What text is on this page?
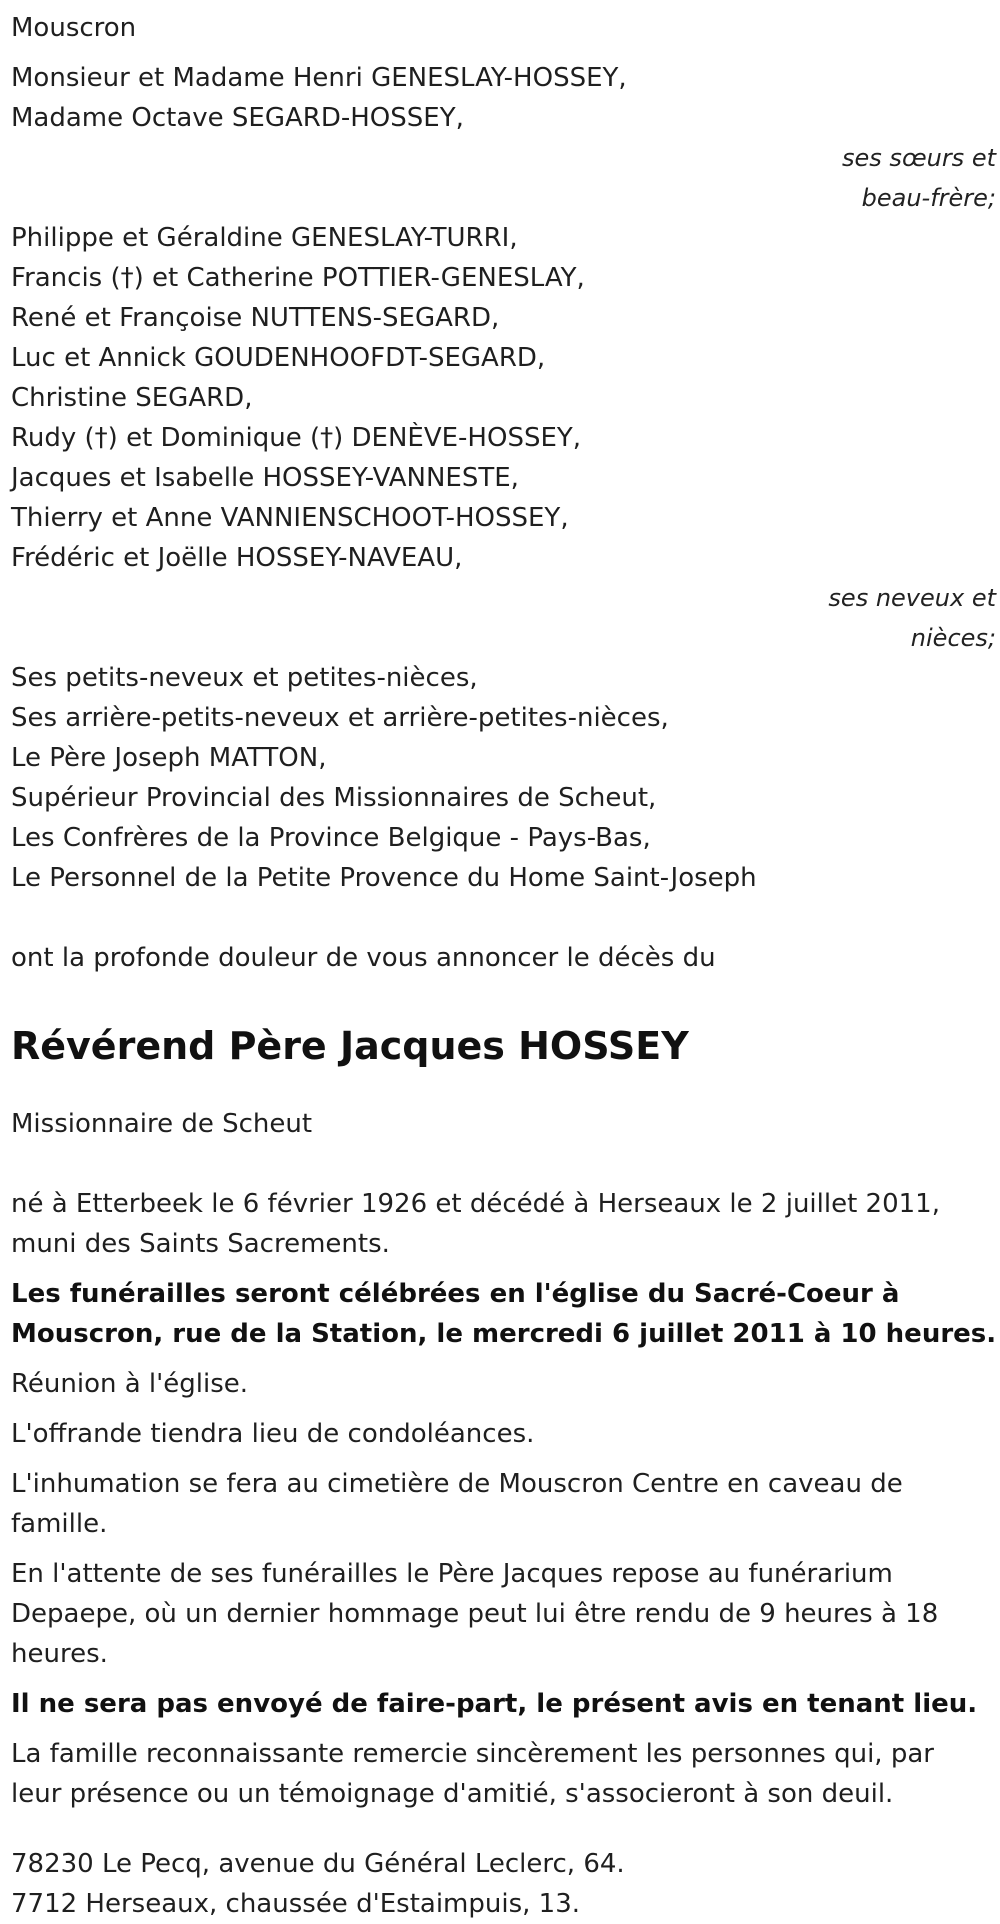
Mouscron
Monsieur et Madame Henri GENESLAY-HOSSEY,
Madame Octave SEGARD-HOSSEY,
ses sœurs et
beau-frère;
Philippe et Géraldine GENESLAY-TURRI,
Francis (†) et Catherine POTTIER-GENESLAY,
René et Françoise NUTTENS-SEGARD,
Luc et Annick GOUDENHOOFDT-SEGARD,
Christine SEGARD,
Rudy (†) et Dominique (†) DENÈVE-HOSSEY,
Jacques et Isabelle HOSSEY-VANNESTE,
Thierry et Anne VANNIENSCHOOT-HOSSEY,
Frédéric et Joëlle HOSSEY-NAVEAU,
ses neveux et
nièces;
Ses petits-neveux et petites-nièces,
Ses arrière-petits-neveux et arrière-petites-nièces,
Le Père Joseph MATTON,
Supérieur Provincial des Missionnaires de Scheut,
Les Confrères de la Province Belgique - Pays-Bas,
Le Personnel de la Petite Provence du Home Saint-Joseph
ont la profonde douleur de vous annoncer le décès du
Révérend Père Jacques HOSSEY
Missionnaire de Scheut
né à Etterbeek le 6 février 1926 et décédé à Herseaux le 2 juillet 2011,
muni des Saints Sacrements.
Les funérailles seront célébrées en l'église du Sacré-Coeur à
Mouscron, rue de la Station, le mercredi 6 juillet 2011 à 10 heures.
Réunion à l'église.
L'offrande tiendra lieu de condoléances.
L'inhumation se fera au cimetière de Mouscron Centre en caveau de
famille.
En l'attente de ses funérailles le Père Jacques repose au funérarium
Depaepe, où un dernier hommage peut lui être rendu de 9 heures à 18
heures.
Il ne sera pas envoyé de faire-part, le présent avis en tenant lieu.
La famille reconnaissante remercie sincèrement les personnes qui, par
leur présence ou un témoignage d'amitié, s'associeront à son deuil.
78230 Le Pecq, avenue du Général Leclerc, 64.
7712 Herseaux, chaussée d'Estaimpuis, 13.
